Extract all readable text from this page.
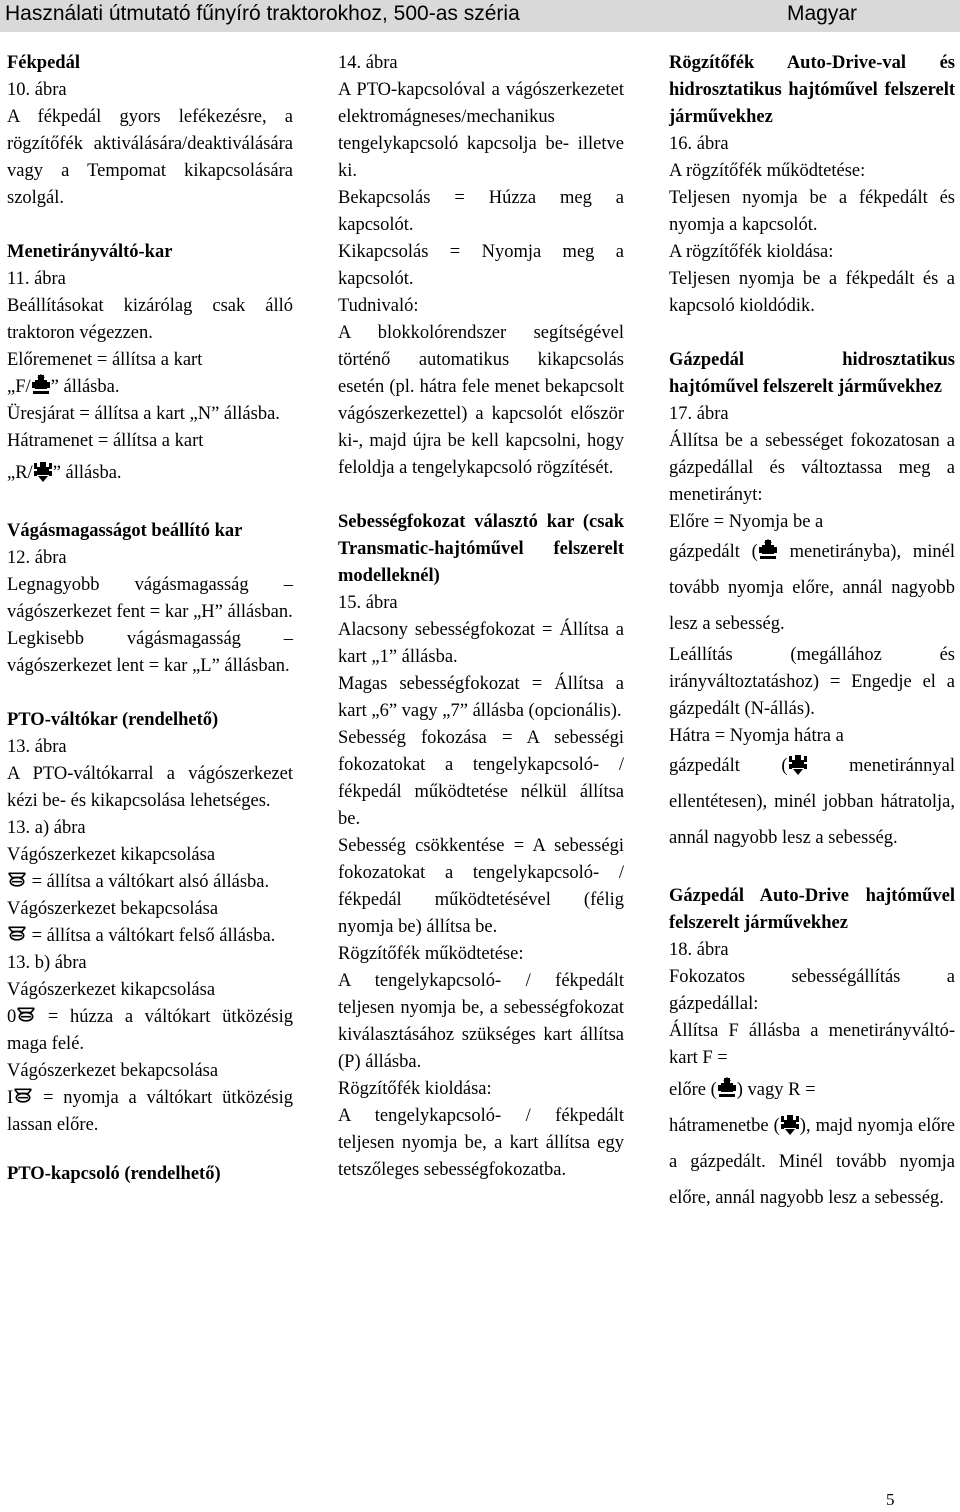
Használati útmutató fűnyíró traktorokhoz, 500-as széria	Magyar

Fékpedál

10. ábra

A fékpedál gyors lefékezésre, a rögzítőfék aktiválására/deaktiválására vagy a Tempomat kikapcsolására szolgál.

Menetirányváltó-kar

11. ábra

Beállításokat kizárólag csak álló traktoron végezzen.

Előremenet = állítsa a kart

„F/ ” állásba.

Üresjárat = állítsa a kart „N” állásba.

Hátramenet = állítsa a kart

„R/ ” állásba.

Vágásmagasságot beállító kar

12. ábra

Legnagyobb vágásmagasság – vágószerkezet fent = kar „H” állásban.

Legkisebb vágásmagasság – vágószerkezet lent = kar „L” állásban.

PTO-váltókar (rendelhető)

13. ábra

A PTO-váltókarral a vágószerkezet kézi be- és kikapcsolása lehetséges.

13. a) ábra

Vágószerkezet kikapcsolása

= állítsa a váltókart alsó állásba.

Vágószerkezet bekapcsolása

= állítsa a váltókart felső állásba.

13. b) ábra

Vágószerkezet kikapcsolása

0 = húzza a váltókart ütközésig maga felé.

Vágószerkezet bekapcsolása

I = nyomja a váltókart ütközésig lassan előre.

PTO-kapcsoló (rendelhető)

14. ábra

A PTO-kapcsolóval a vágószerkezetet elektromágneses/mechanikus tengelykapcsoló kapcsolja be- illetve ki.

Bekapcsolás = Húzza meg a kapcsolót.

Kikapcsolás = Nyomja meg a kapcsolót.

Tudnivaló:

A blokkolórendszer segítségével történő automatikus kikapcsolás esetén (pl. hátra fele menet bekapcsolt vágószerkezettel) a kapcsolót először ki-, majd újra be kell kapcsolni, hogy feloldja a tengelykapcsoló rögzítését.

Sebességfokozat választó kar (csak Transmatic-hajtóművel felszerelt modelleknél)

15. ábra

Alacsony sebességfokozat = Állítsa a kart „1” állásba.

Magas sebességfokozat = Állítsa a kart „6” vagy „7” állásba (opcionális).

Sebesség fokozása = A sebességi fokozatokat a tengelykapcsoló- / fékpedál működtetése nélkül állítsa be.

Sebesség csökkentése = A sebességi fokozatokat a tengelykapcsoló- / fékpedál működtetésével (félig nyomja be) állítsa be.

Rögzítőfék működtetése:

A tengelykapcsoló- / fékpedált teljesen nyomja be, a sebességfokozat kiválasztásához szükséges kart állítsa (P) állásba.

Rögzítőfék kioldása:

A tengelykapcsoló- / fékpedált teljesen nyomja be, a kart állítsa egy tetszőleges sebességfokozatba.

Rögzítőfék Auto-Drive-val és hidrosztatikus hajtóművel felszerelt járművekhez

16. ábra

A rögzítőfék működtetése:

Teljesen nyomja be a fékpedált és nyomja a kapcsolót.

A rögzítőfék kioldása:

Teljesen nyomja be a fékpedált és a kapcsoló kioldódik.

Gázpedál hidrosztatikus hajtóművel felszerelt járművekhez

17. ábra

Állítsa be a sebességet fokozatosan a gázpedállal és változtassa meg a menetirányt:

Előre = Nyomja be a

gázpedált ( menetirányba), minél tovább nyomja előre, annál nagyobb lesz a sebesség.

Leállítás (megállához és irányváltoztatáshoz) = Engedje el a gázpedált (N-állás).

Hátra = Nyomja hátra a

gázpedált (	menetiránnyal ellentétesen), minél jobban hátratolja, annál nagyobb lesz a sebesség.

Gázpedál Auto-Drive hajtóművel felszerelt járművekhez

18. ábra

Fokozatos sebességállítás a gázpedállal:

Állítsa F állásba a menetirányváltó-kart F =

előre ( ) vagy R =

hátramenetbe ( ), majd nyomja előre a gázpedált. Minél tovább nyomja előre, annál nagyobb lesz a sebesség.

5
